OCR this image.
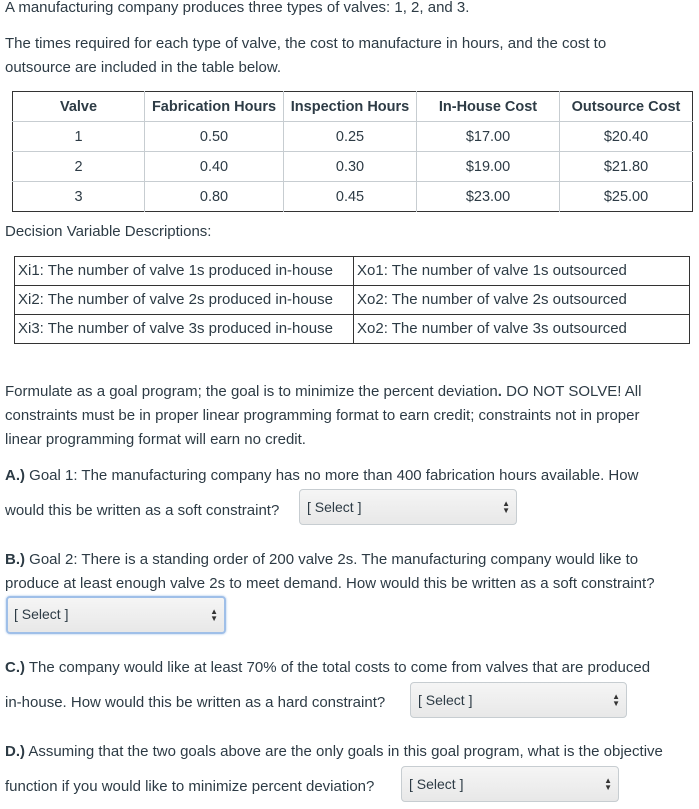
A manufacturing company produces three types of valves: 1, 2, and 3.

The times required for each type of valve, the cost to manufacture in hours, and the cost to

outsource are included in the table below.

Valve	Fabrication Hours	Inspection Hours	In-House Cost	Outsource Cost
1	0.50	0.25	$17.00	$20.40
2	0.40	0.30	$19.00	$21.80
3	0.80	0.45	$23.00	$25.00

Decision Variable Descriptions:

Xi1: The number of valve 1s produced in-house	Xo1: The number of valve 1s outsourced
Xi2: The number of valve 2s produced in-house	Xo2: The number of valve 2s outsourced
Xi3: The number of valve 3s produced in-house	Xo2: The number of valve 3s outsourced

Formulate as a goal program; the goal is to minimize the percent deviation. DO NOT SOLVE! All

constraints must be in proper linear programming format to earn credit; constraints not in proper

linear programming format will earn no credit.

A.) Goal 1: The manufacturing company has no more than 400 fabrication hours available. How

would this be written as a soft constraint?	[ Select ]	▲
▼

B.) Goal 2: There is a standing order of 200 valve 2s. The manufacturing company would like to

produce at least enough valve 2s to meet demand. How would this be written as a soft constraint?

[ Select ]	▲
▼

C.) The company would like at least 70% of the total costs to come from valves that are produced

in-house. How would this be written as a hard constraint?	[ Select ]	▲
▼

D.) Assuming that the two goals above are the only goals in this goal program, what is the objective

function if you would like to minimize percent deviation?	[ Select ]	▲
▼
